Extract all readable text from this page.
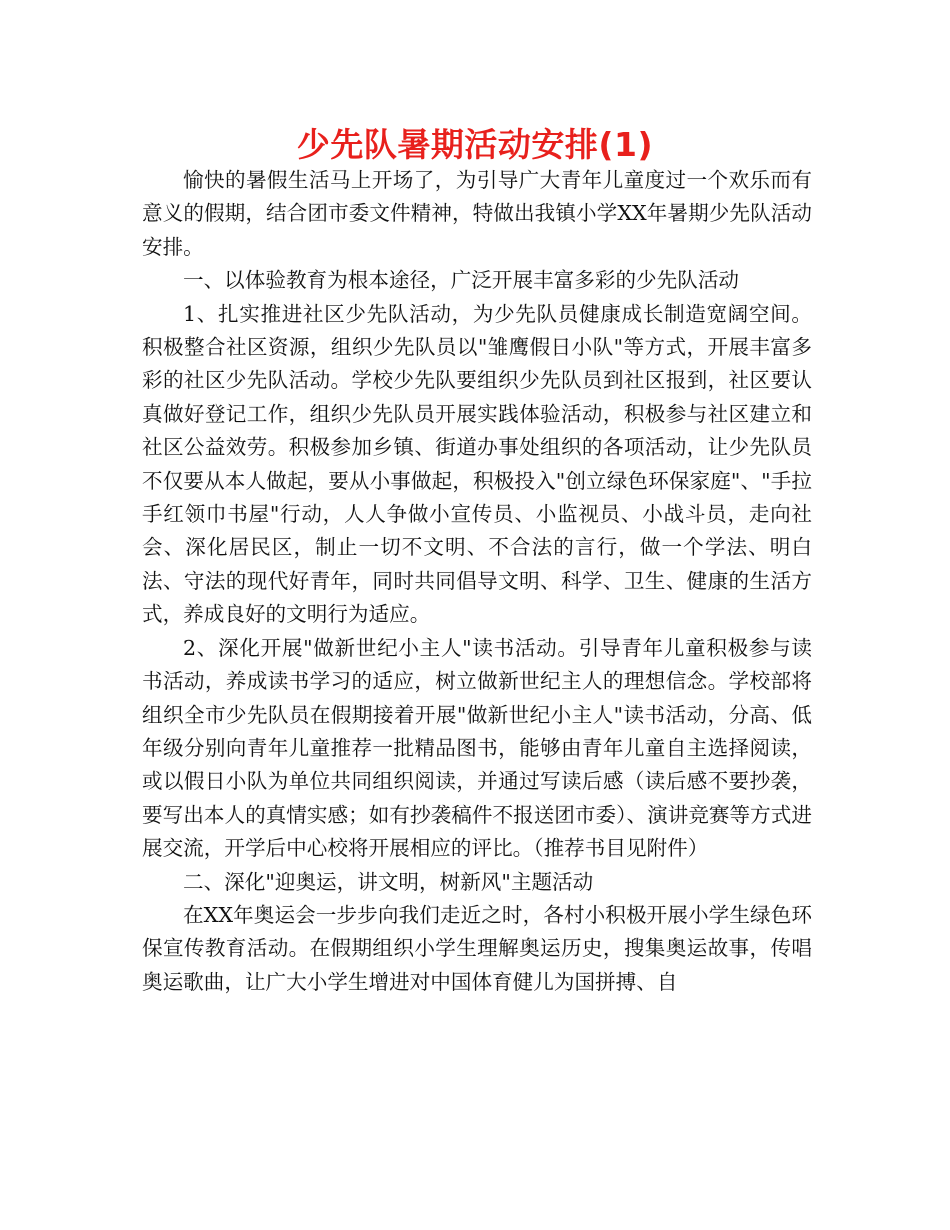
少先队暑期活动安排(1)

愉快的暑假生活马上开场了，为引导广大青年儿童度过一个欢乐而有意义的假期，结合团市委文件精神，特做出我镇小学XX年暑期少先队活动安排。

一、以体验教育为根本途径，广泛开展丰富多彩的少先队活动

1、扎实推进社区少先队活动，为少先队员健康成长制造宽阔空间。积极整合社区资源，组织少先队员以"雏鹰假日小队"等方式，开展丰富多彩的社区少先队活动。学校少先队要组织少先队员到社区报到，社区要认真做好登记工作，组织少先队员开展实践体验活动，积极参与社区建立和社区公益效劳。积极参加乡镇、街道办事处组织的各项活动，让少先队员不仅要从本人做起，要从小事做起，积极投入"创立绿色环保家庭"、"手拉手红领巾书屋"行动，人人争做小宣传员、小监视员、小战斗员，走向社会、深化居民区，制止一切不文明、不合法的言行，做一个学法、明白法、守法的现代好青年，同时共同倡导文明、科学、卫生、健康的生活方式，养成良好的文明行为适应。

2、深化开展"做新世纪小主人"读书活动。引导青年儿童积极参与读书活动，养成读书学习的适应，树立做新世纪主人的理想信念。学校部将组织全市少先队员在假期接着开展"做新世纪小主人"读书活动，分高、低年级分别向青年儿童推荐一批精品图书，能够由青年儿童自主选择阅读，或以假日小队为单位共同组织阅读，并通过写读后感（读后感不要抄袭，要写出本人的真情实感；如有抄袭稿件不报送团市委）、演讲竞赛等方式进展交流，开学后中心校将开展相应的评比。（推荐书目见附件）

二、深化"迎奥运，讲文明，树新风"主题活动

在XX年奥运会一步步向我们走近之时，各村小积极开展小学生绿色环保宣传教育活动。在假期组织小学生理解奥运历史，搜集奥运故事，传唱奥运歌曲，让广大小学生增进对中国体育健儿为国拼搏、自
